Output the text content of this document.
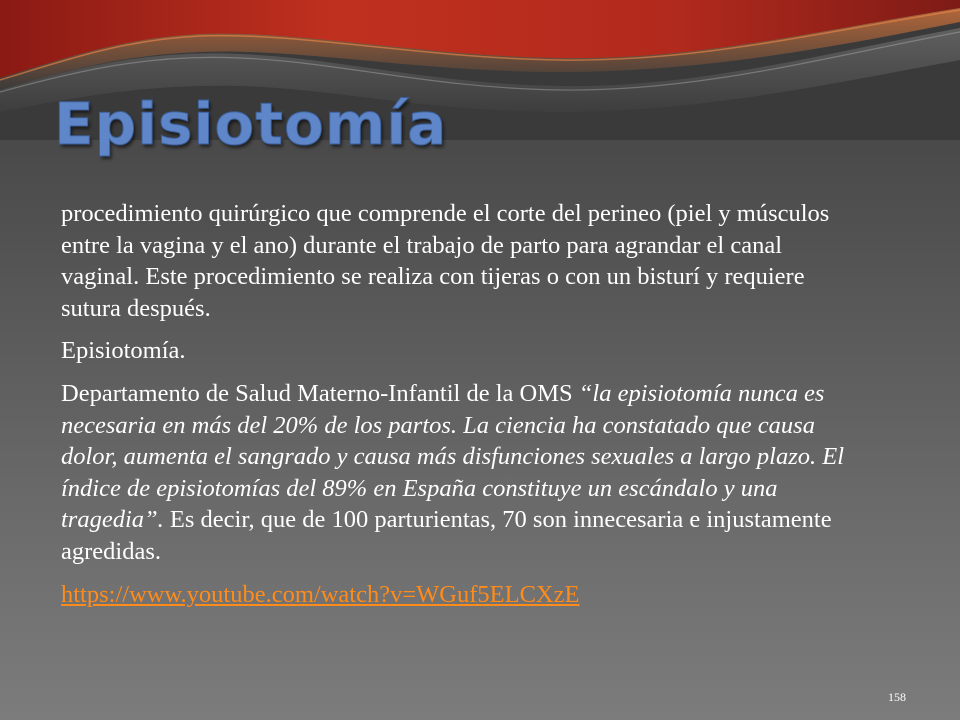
Episiotomía

procedimiento quirúrgico que comprende el corte del perineo (piel y músculos entre la vagina y el ano) durante el trabajo de parto para agrandar el canal vaginal. Este procedimiento se realiza con tijeras o con un bisturí y requiere sutura después.

Episiotomía.

Departamento de Salud Materno-Infantil de la OMS “la episiotomía nunca es necesaria en más del 20% de los partos. La ciencia ha constatado que causa dolor, aumenta el sangrado y causa más disfunciones sexuales a largo plazo. El índice de episiotomías del 89% en España constituye un escándalo y una tragedia”. Es decir, que de 100 parturientas, 70 son innecesaria e injustamente agredidas.

https://www.youtube.com/watch?v=WGuf5ELCXzE

158
